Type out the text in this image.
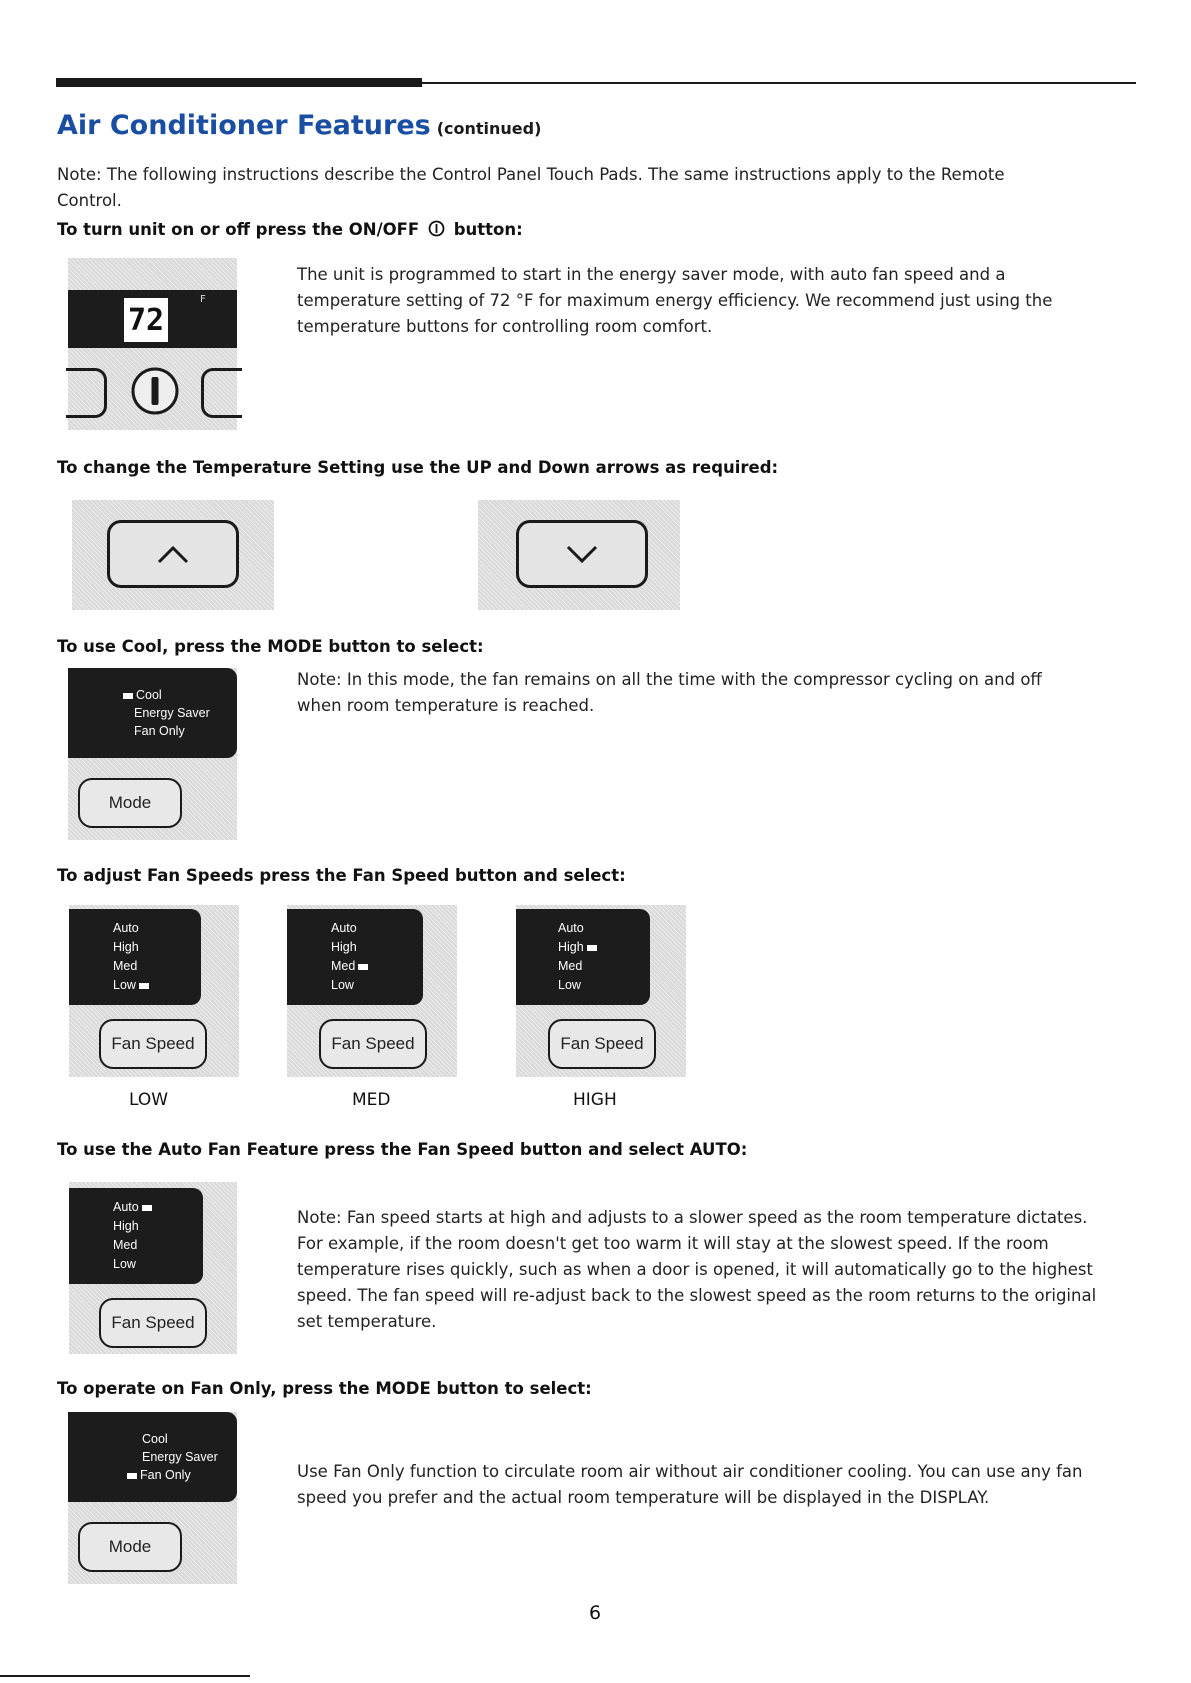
Air Conditioner Features (continued)
Note: The following instructions describe the Control Panel Touch Pads. The same instructions apply to the Remote Control.
To turn unit on or off press the ON/OFF button:
72
F
The unit is programmed to start in the energy saver mode, with auto fan speed and a temperature setting of 72 °F for maximum energy efficiency. We recommend just using the temperature buttons for controlling room comfort.
To change the Temperature Setting use the UP and Down arrows as required:
To use Cool, press the MODE button to select:
Cool
Energy Saver
Fan Only
Mode
Note: In this mode, the fan remains on all the time with the compressor cycling on and off when room temperature is reached.
To adjust Fan Speeds press the Fan Speed button and select:
Auto
High
Med
Low
Fan Speed
Auto
High
Med
Low
Fan Speed
Auto
High
Med
Low
Fan Speed
LOW	MED	HIGH
To use the Auto Fan Feature press the Fan Speed button and select AUTO:
Auto
High
Med
Low
Fan Speed
Note: Fan speed starts at high and adjusts to a slower speed as the room temperature dictates. For example, if the room doesn't get too warm it will stay at the slowest speed. If the room temperature rises quickly, such as when a door is opened, it will automatically go to the highest speed. The fan speed will re-adjust back to the slowest speed as the room returns to the original set temperature.
To operate on Fan Only, press the MODE button to select:
Cool
Energy Saver
Fan Only
Mode
Use Fan Only function to circulate room air without air conditioner cooling. You can use any fan speed you prefer and the actual room temperature will be displayed in the DISPLAY.
6
